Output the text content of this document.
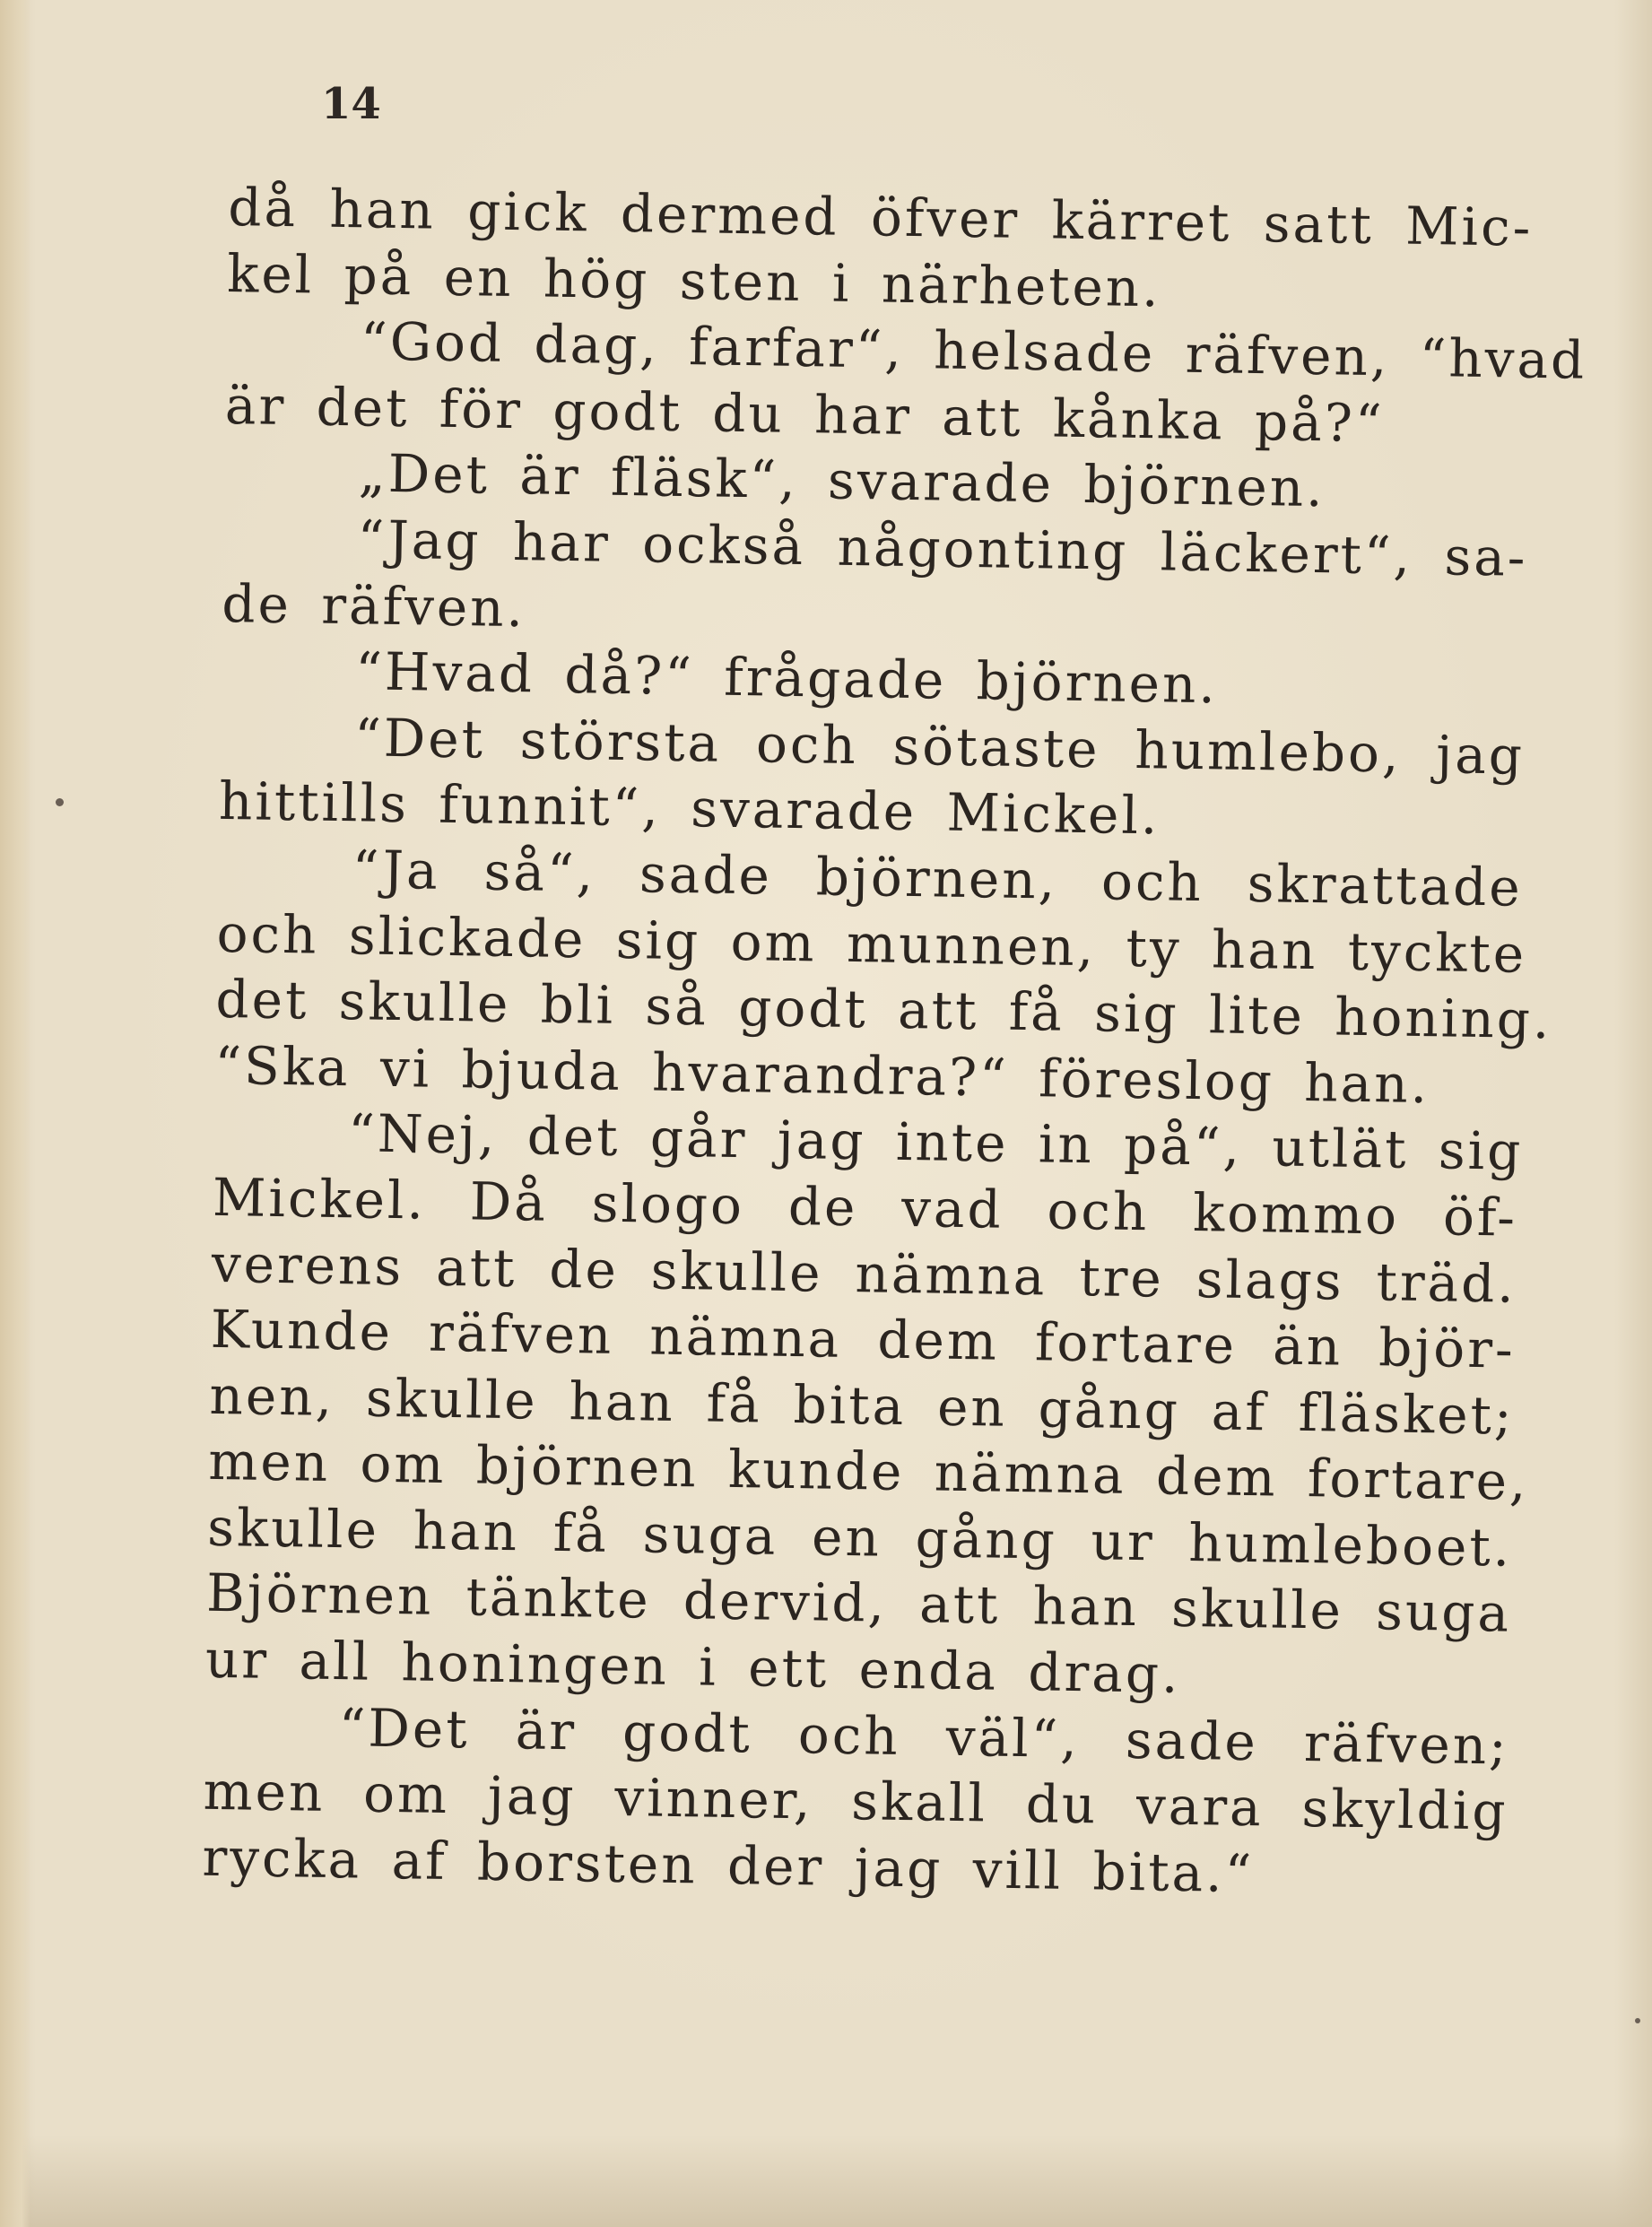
14
då han gick dermed öfver kärret satt Mic-
kel på en hög sten i närheten.
“God dag, farfar“, helsade räfven, “hvad
är det för godt du har att kånka på?“
„Det är fläsk“, svarade björnen.
“Jag har också någonting läckert“, sa-
de räfven.
“Hvad då?“ frågade björnen.
“Det största och sötaste humlebo, jag
hittills funnit“, svarade Mickel.
“Ja så“, sade björnen, och skrattade
och slickade sig om munnen, ty han tyckte
det skulle bli så godt att få sig lite honing.
“Ska vi bjuda hvarandra?“ föreslog han.
“Nej, det går jag inte in på“, utlät sig
Mickel. Då slogo de vad och kommo öf-
verens att de skulle nämna tre slags träd.
Kunde räfven nämna dem fortare än björ-
nen, skulle han få bita en gång af fläsket;
men om björnen kunde nämna dem fortare,
skulle han få suga en gång ur humleboet.
Björnen tänkte dervid, att han skulle suga
ur all honingen i ett enda drag.
“Det är godt och väl“, sade räfven;
men om jag vinner, skall du vara skyldig
rycka af borsten der jag vill bita.“
